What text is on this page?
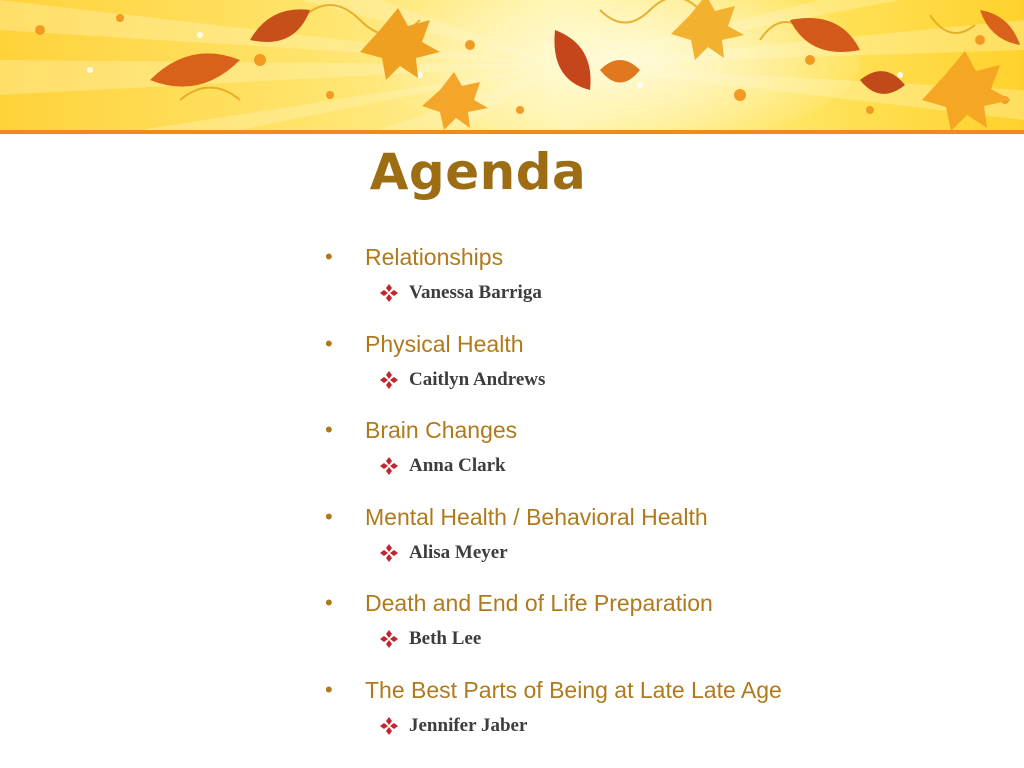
Agenda
• Relationships
Vanessa Barriga
• Physical Health
Caitlyn Andrews
• Brain Changes
Anna Clark
• Mental Health / Behavioral Health
Alisa Meyer
• Death and End of Life Preparation
Beth Lee
• The Best Parts of Being at Late Late Age
Jennifer Jaber
